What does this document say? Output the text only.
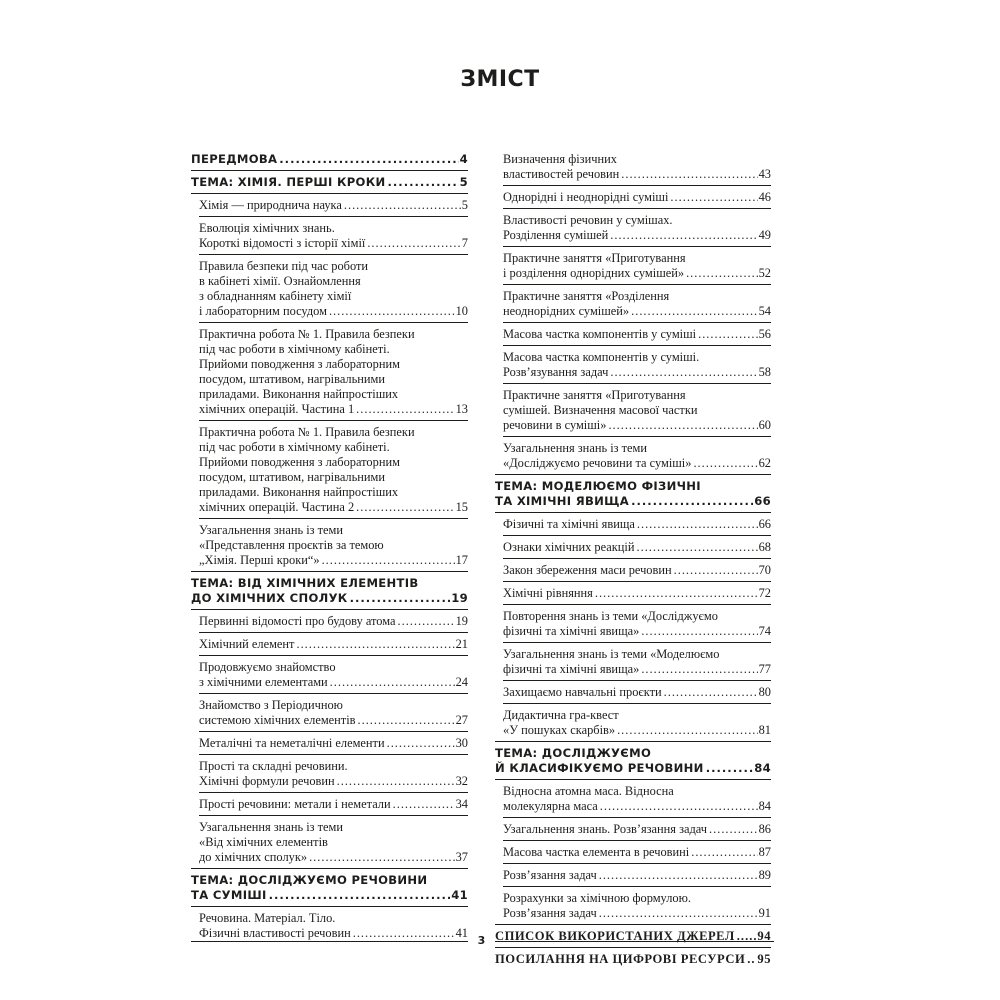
ЗМІСТ
ПЕРЕДМОВА .....	4
ТЕМА: ХІМІЯ. ПЕРШІ КРОКИ .....	5
Хімія — природнича наука .....	5
Еволюція хімічних знань.
Короткі відомості з історії хімії .....	7
Правила безпеки під час роботи
в кабінеті хімії. Ознайомлення
з обладнанням кабінету хімії
і лабораторним посудом .....	10
Практична робота № 1. Правила безпеки
під час роботи в хімічному кабінеті.
Прийоми поводження з лабораторним
посудом, штативом, нагрівальними
приладами. Виконання найпростіших
хімічних операцій. Частина 1 .....	13
Практична робота № 1. Правила безпеки
під час роботи в хімічному кабінеті.
Прийоми поводження з лабораторним
посудом, штативом, нагрівальними
приладами. Виконання найпростіших
хімічних операцій. Частина 2 .....	15
Узагальнення знань із теми
«Представлення проєктів за темою
„Хімія. Перші кроки“» .....	17
ТЕМА: ВІД ХІМІЧНИХ ЕЛЕМЕНТІВ
ДО ХІМІЧНИХ СПОЛУК .....	19
Первинні відомості про будову атома .....	19
Хімічний елемент .....	21
Продовжуємо знайомство
з хімічними елементами .....	24
Знайомство з Періодичною
системою хімічних елементів .....	27
Металічні та неметалічні елементи .....	30
Прості та складні речовини.
Хімічні формули речовин .....	32
Прості речовини: метали і неметали .....	34
Узагальнення знань із теми
«Від хімічних елементів
до хімічних сполук» .....	37
ТЕМА: ДОСЛІДЖУЄМО РЕЧОВИНИ
ТА СУМІШІ .....	41
Речовина. Матеріал. Тіло.
Фізичні властивості речовин .....	41
Визначення фізичних
властивостей речовин .....	43
Однорідні і неоднорідні суміші .....	46
Властивості речовин у сумішах.
Розділення сумішей .....	49
Практичне заняття «Приготування
і розділення однорідних сумішей» .....	52
Практичне заняття «Розділення
неоднорідних сумішей» .....	54
Масова частка компонентів у суміші .....	56
Масова частка компонентів у суміші.
Розв’язування задач .....	58
Практичне заняття «Приготування
сумішей. Визначення масової частки
речовини в суміші» .....	60
Узагальнення знань із теми
«Досліджуємо речовини та суміші» .....	62
ТЕМА: МОДЕЛЮЄМО ФІЗИЧНІ
ТА ХІМІЧНІ ЯВИЩА .....	66
Фізичні та хімічні явища .....	66
Ознаки хімічних реакцій .....	68
Закон збереження маси речовин .....	70
Хімічні рівняння .....	72
Повторення знань із теми «Досліджуємо
фізичні та хімічні явища» .....	74
Узагальнення знань із теми «Моделюємо
фізичні та хімічні явища» .....	77
Захищаємо навчальні проєкти .....	80
Дидактична гра-квест
«У пошуках скарбів» .....	81
ТЕМА: ДОСЛІДЖУЄМО
Й КЛАСИФІКУЄМО РЕЧОВИНИ .....	84
Відносна атомна маса. Відносна
молекулярна маса .....	84
Узагальнення знань. Розв’язання задач .....	86
Масова частка елемента в речовині .....	87
Розв’язання задач .....	89
Розрахунки за хімічною формулою.
Розв’язання задач .....	91
СПИСОК ВИКОРИСТАНИХ ДЖЕРЕЛ ..... 94
ПОСИЛАННЯ НА ЦИФРОВІ РЕСУРСИ ..... 95
3
